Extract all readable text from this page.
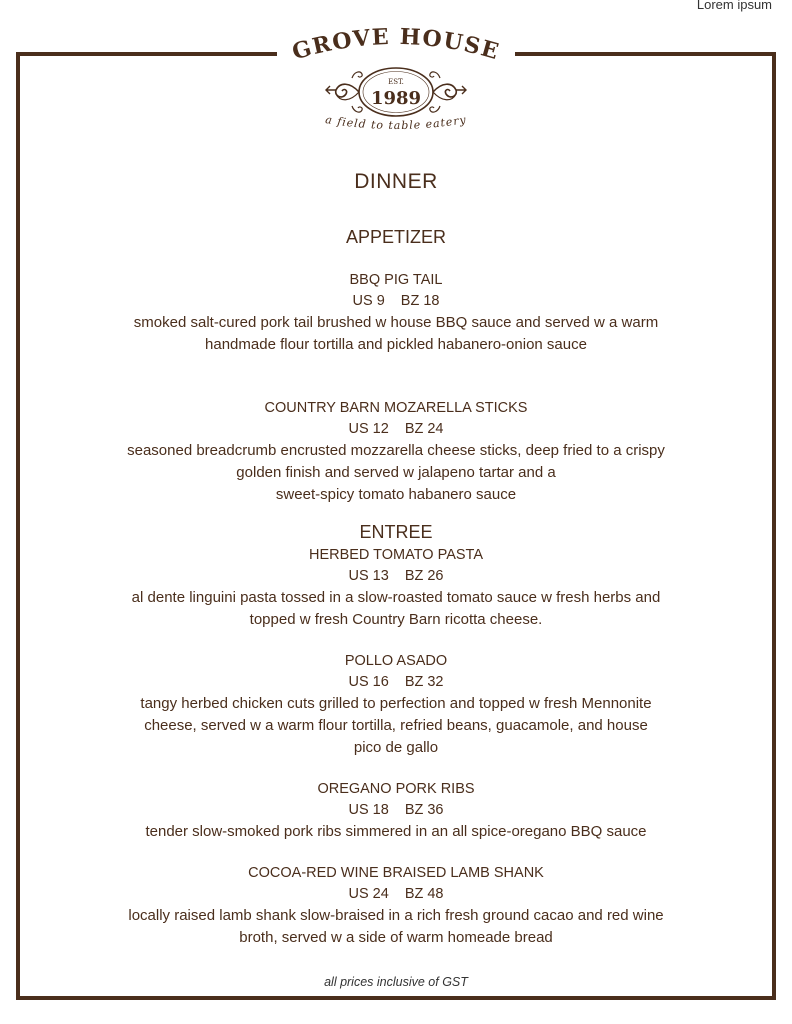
Lorem ipsum
GROVE HOUSE
EST.
1989
a field to table eatery
DINNER
APPETIZER
BBQ PIG TAIL
US 9 BZ 18
smoked salt-cured pork tail brushed w house BBQ sauce and served w a warm
handmade flour tortilla and pickled habanero-onion sauce
COUNTRY BARN MOZARELLA STICKS
US 12 BZ 24
seasoned breadcrumb encrusted mozzarella cheese sticks, deep fried to a crispy
golden finish and served w jalapeno tartar and a
sweet-spicy tomato habanero sauce
ENTREE
HERBED TOMATO PASTA
US 13 BZ 26
al dente linguini pasta tossed in a slow-roasted tomato sauce w fresh herbs and
topped w fresh Country Barn ricotta cheese.
POLLO ASADO
US 16 BZ 32
tangy herbed chicken cuts grilled to perfection and topped w fresh Mennonite
cheese, served w a warm flour tortilla, refried beans, guacamole, and house
pico de gallo
OREGANO PORK RIBS
US 18 BZ 36
tender slow-smoked pork ribs simmered in an all spice-oregano BBQ sauce
COCOA-RED WINE BRAISED LAMB SHANK
US 24 BZ 48
locally raised lamb shank slow-braised in a rich fresh ground cacao and red wine
broth, served w a side of warm homeade bread
all prices inclusive of GST
